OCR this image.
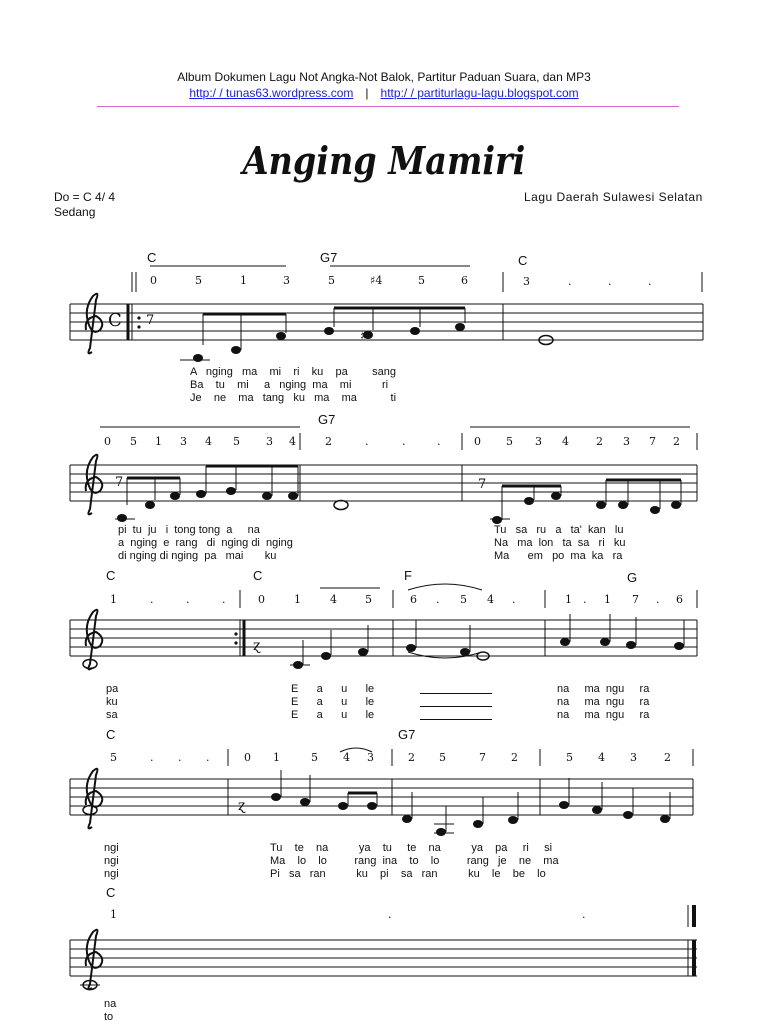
Album Dokumen Lagu Not Angka-Not Balok, Partitur Paduan Suara, dan MP3
http:/ / tunas63.wordpress.com | http:/ / partiturlagu-lagu.blogspot.com
Anging Mamiri
Do = C 4/ 4
Sedang
Lagu Daerah Sulawesi Selatan
C 7
7	7
ɀ
ɀ
♯
C	G7	C
0	5	1	3	5	♯4	5	6	3	.	.	.
A   nging   ma    mi    ri    ku    pa        sang
Ba    tu    mi     a   nging  ma    mi          ri
Je    ne    ma   tang   ku   ma    ma           ti
G7
0 5 1 3 4 5 3 4	2	.	.	.	0 5 3 4 2 3 7 2
pi  tu  ju   i  tong tong  a     na
a  nging  e  rang   di  nging di  nging
di nging di nging  pa   mai       ku
Tu   sa   ru   a   ta'  kan   lu
Na   ma  lon   ta  sa   ri   ku
Ma      em   po  ma  ka   ra
C	C	F	G
1	.	.	.	0	1	4	5	6 . 5 4 .	1 . 1 7 . 6
pa
ku
sa
E      a      u      le
E      a      u      le
E      a      u      le
na     ma  ngu     ra
na     ma  ngu     ra
na     ma  ngu     ra
C	G7
5	. . .	0 1	5 4 3	2 5	7 2	5 4 3 2
ngi
ngi
ngi
Tu    te    na          ya    tu     te    na          ya    pa     ri     si
Ma    lo    lo         rang  ina    to    lo         rang   je    ne    ma
Pi   sa   ran          ku    pi    sa   ran          ku    le    be    lo
C
1	.	.
na
to
